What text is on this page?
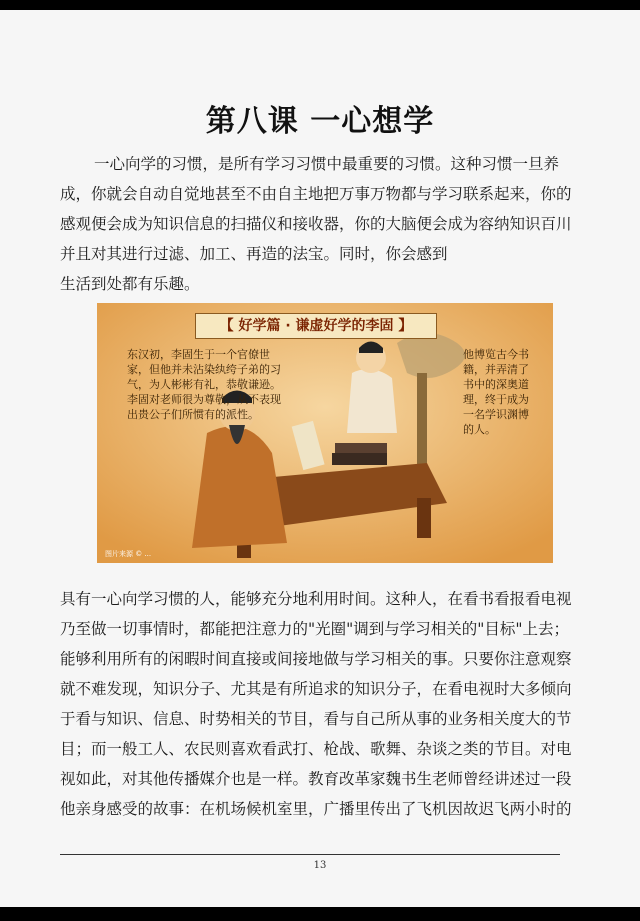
第八课 一心想学
一心向学的习惯，是所有学习习惯中最重要的习惯。这种习惯一旦养
成，你就会自动自觉地甚至不由自主地把万事万物都与学习联系起来，你的
感观便会成为知识信息的扫描仪和接收器，你的大脑便会成为容纳知识百川
并且对其进行过滤、加工、再造的法宝。同时，你会感到
生活到处都有乐趣。
【 好学篇 · 谦虚好学的李固 】
东汉初，李固生于一个官僚世家，但他并未沾染纨绔子弟的习气，为人彬彬有礼，恭敬谦逊。李固对老师很为尊敬，从不表现出贵公子们所惯有的派性。
他博览古今书籍，并弄清了书中的深奥道理，终于成为一名学识渊博的人。
图片来源 © ...
具有一心向学习惯的人，能够充分地利用时间。这种人，在看书看报看电视
乃至做一切事情时，都能把注意力的"光圈"调到与学习相关的"目标"上去；
能够利用所有的闲暇时间直接或间接地做与学习相关的事。只要你注意观察
就不难发现，知识分子、尤其是有所追求的知识分子，在看电视时大多倾向
于看与知识、信息、时势相关的节目，看与自己所从事的业务相关度大的节
目；而一般工人、农民则喜欢看武打、枪战、歌舞、杂谈之类的节目。对电
视如此，对其他传播媒介也是一样。教育改革家魏书生老师曾经讲述过一段
他亲身感受的故事：在机场候机室里，广播里传出了飞机因故迟飞两小时的
13
